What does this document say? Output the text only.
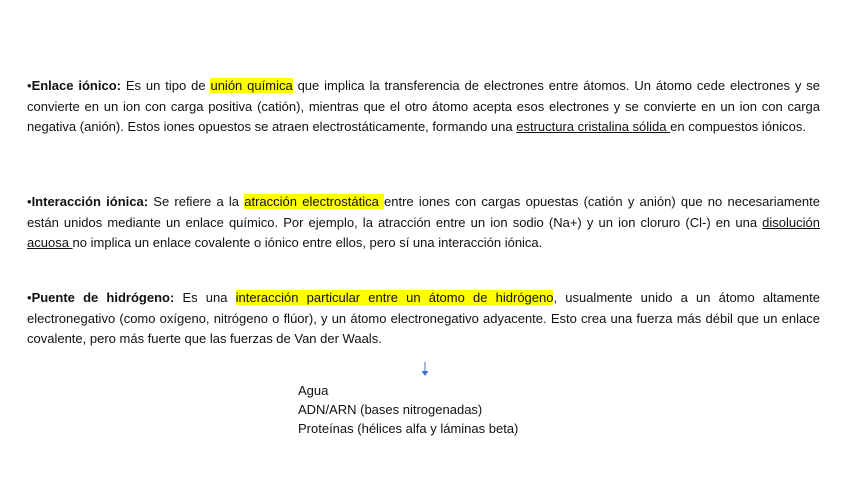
•Enlace iónico: Es un tipo de unión química que implica la transferencia de electrones entre átomos. Un átomo cede electrones y se convierte en un ion con carga positiva (catión), mientras que el otro átomo acepta esos electrones y se convierte en un ion con carga negativa (anión). Estos iones opuestos se atraen electrostáticamente, formando una estructura cristalina sólida en compuestos iónicos.

•Interacción iónica: Se refiere a la atracción electrostática entre iones con cargas opuestas (catión y anión) que no necesariamente están unidos mediante un enlace químico. Por ejemplo, la atracción entre un ion sodio (Na+) y un ion cloruro (Cl-) en una disolución acuosa no implica un enlace covalente o iónico entre ellos, pero sí una interacción iónica.

•Puente de hidrógeno: Es una interacción particular entre un átomo de hidrógeno, usualmente unido a un átomo altamente electronegativo (como oxígeno, nitrógeno o flúor), y un átomo electronegativo adyacente. Esto crea una fuerza más débil que un enlace covalente, pero más fuerte que las fuerzas de Van der Waals.

Agua
ADN/ARN (bases nitrogenadas)
Proteínas (hélices alfa y láminas beta)
